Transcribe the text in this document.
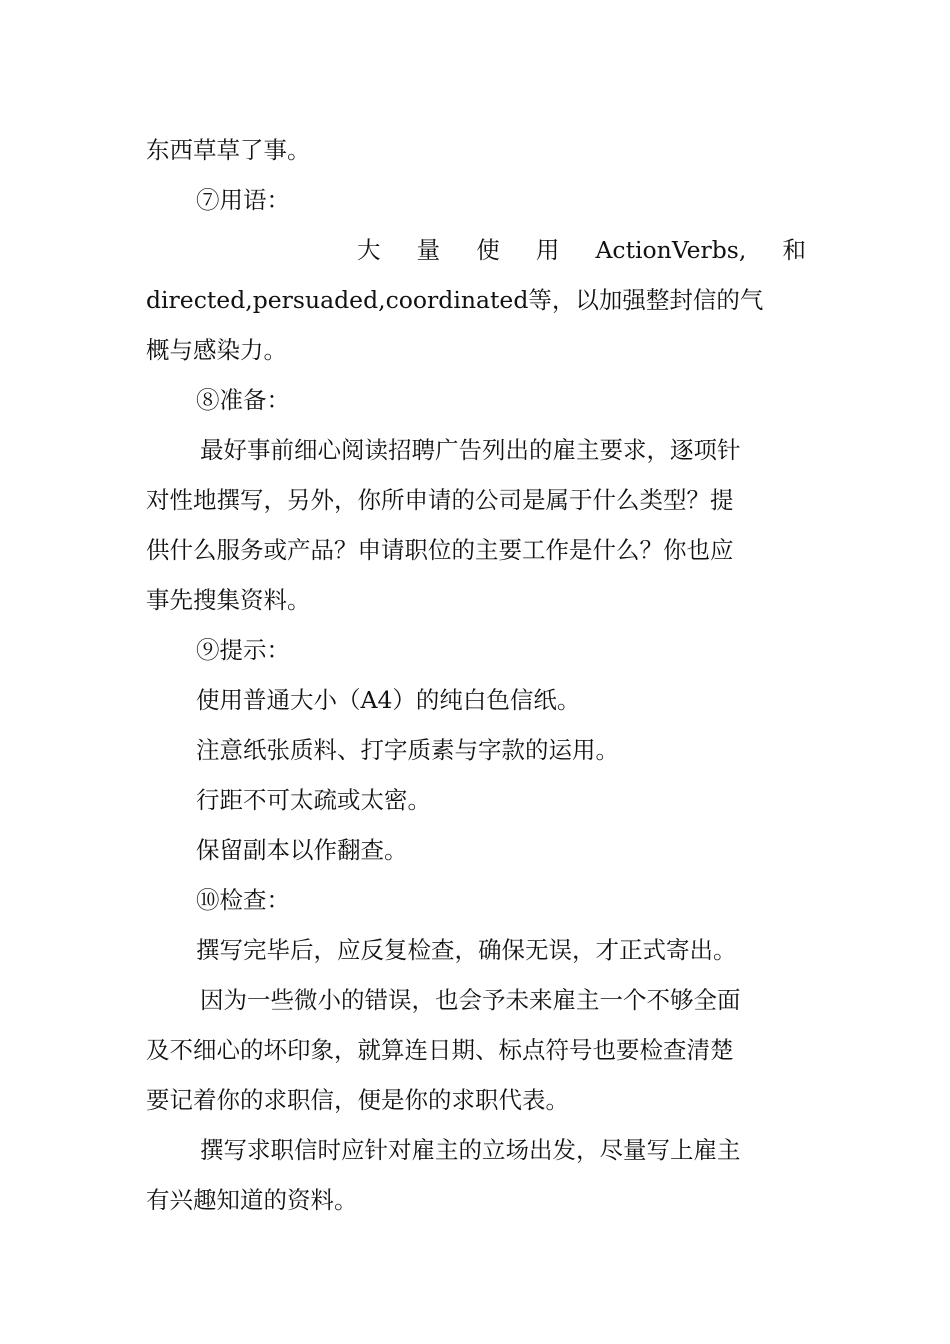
东西草草了事。

⑦用语：

大 量 使 用 ActionVerbs, 和

directed,persuaded,coordinated等，以加强整封信的气

概与感染力。

⑧准备：

最好事前细心阅读招聘广告列出的雇主要求，逐项针

对性地撰写，另外，你所申请的公司是属于什么类型？提

供什么服务或产品？申请职位的主要工作是什么？你也应

事先搜集资料。

⑨提示：

使用普通大小（A4）的纯白色信纸。

注意纸张质料、打字质素与字款的运用。

行距不可太疏或太密。

保留副本以作翻查。

⑩检查：

撰写完毕后，应反复检查，确保无误，才正式寄出。

因为一些微小的错误，也会予未来雇主一个不够全面

及不细心的坏印象，就算连日期、标点符号也要检查清楚

要记着你的求职信，便是你的求职代表。

撰写求职信时应针对雇主的立场出发，尽量写上雇主

有兴趣知道的资料。
